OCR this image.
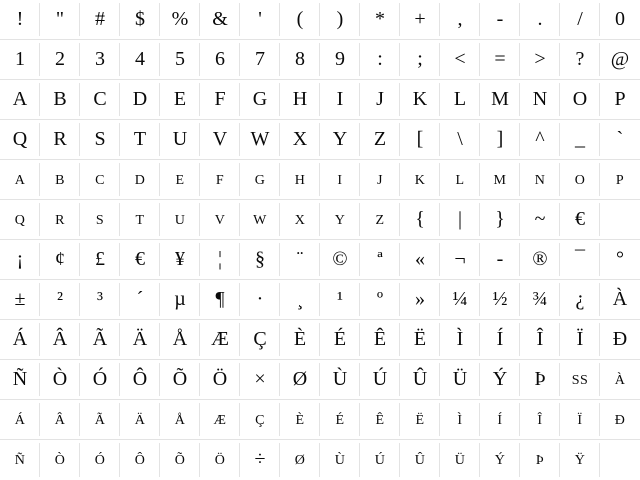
!	"	#	$	%	&	'	(	)	*	+	,	-	.	/	0
1	2	3	4	5	6	7	8	9	:	;	<	=	>	?	@
A	B	C	D	E	F	G	H	I	J	K	L	M	N	O	P
Q	R	S	T	U	V	W	X	Y	Z	[	\	]	^	_	`
A	B	C	D	E	F	G	H	I	J	K	L	M	N	O	P
Q	R	S	T	U	V	W	X	Y	Z	{	|	}	~	€
¡	¢	£	€	¥	¦	§	¨	©	ª	«	¬	-	®	¯	°
±	²	³	´	µ	¶	·	¸	¹	º	»	¼	½	¾	¿	À
Á	Â	Ã	Ä	Å	Æ	Ç	È	É	Ê	Ë	Ì	Í	Î	Ï	Ð
Ñ	Ò	Ó	Ô	Õ	Ö	×	Ø	Ù	Ú	Û	Ü	Ý	Þ	SS	À
Á	Â	Ã	Ä	Å	Æ	Ç	È	É	Ê	Ë	Ì	Í	Î	Ï	Ð
Ñ	Ò	Ó	Ô	Õ	Ö	÷	Ø	Ù	Ú	Û	Ü	Ý	Þ	Ÿ
